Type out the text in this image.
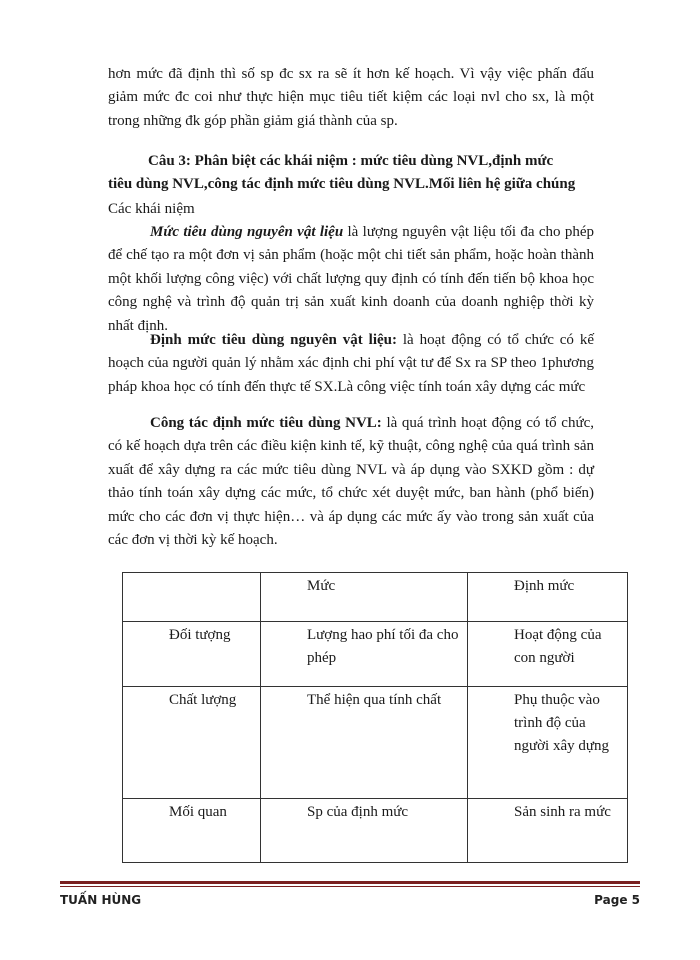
hơn mức đã định thì số sp đc sx ra sẽ ít hơn kế hoạch. Vì vậy việc phấn đấu giảm mức đc coi như thực hiện mục tiêu tiết kiệm các loại nvl cho sx, là một trong những đk góp phần giảm giá thành của sp.

Câu 3: Phân biệt các khái niệm : mức tiêu dùng NVL,định mức
tiêu dùng NVL,công tác định mức tiêu dùng NVL.Mối liên hệ giữa chúng

Các khái niệm

Mức tiêu dùng nguyên vật liệu là lượng nguyên vật liệu tối đa cho phép để chế tạo ra một đơn vị sản phẩm (hoặc một chi tiết sản phẩm, hoặc hoàn thành một khối lượng công việc) với chất lượng quy định có tính đến tiến bộ khoa học công nghệ và trình độ quản trị sản xuất kinh doanh của doanh nghiệp thời kỳ nhất định.

Định mức tiêu dùng nguyên vật liệu: là hoạt động có tổ chức có kế hoạch của người quản lý nhằm xác định chi phí vật tư để Sx ra SP theo 1phương pháp khoa học có tính đến thực tế SX.Là công việc tính toán xây dựng các mức

Công tác định mức tiêu dùng NVL: là quá trình hoạt động có tổ chức, có kế hoạch dựa trên các điều kiện kinh tế, kỹ thuật, công nghệ của quá trình sản xuất để xây dựng ra các mức tiêu dùng NVL và áp dụng vào SXKD gồm : dự thảo tính toán xây dựng các mức, tổ chức xét duyệt mức, ban hành (phổ biến) mức cho các đơn vị thực hiện… và áp dụng các mức ấy vào trong sản xuất của các đơn vị thời kỳ kế hoạch.

	Mức	Định mức
Đối tượng	Lượng hao phí tối đa cho phép	Hoạt động của con người
Chất lượng	Thể hiện qua tính chất	Phụ thuộc vào trình độ của người xây dựng
Mối quan	Sp của định mức	Sản sinh ra mức
TUẤN HÙNG	Page 5
